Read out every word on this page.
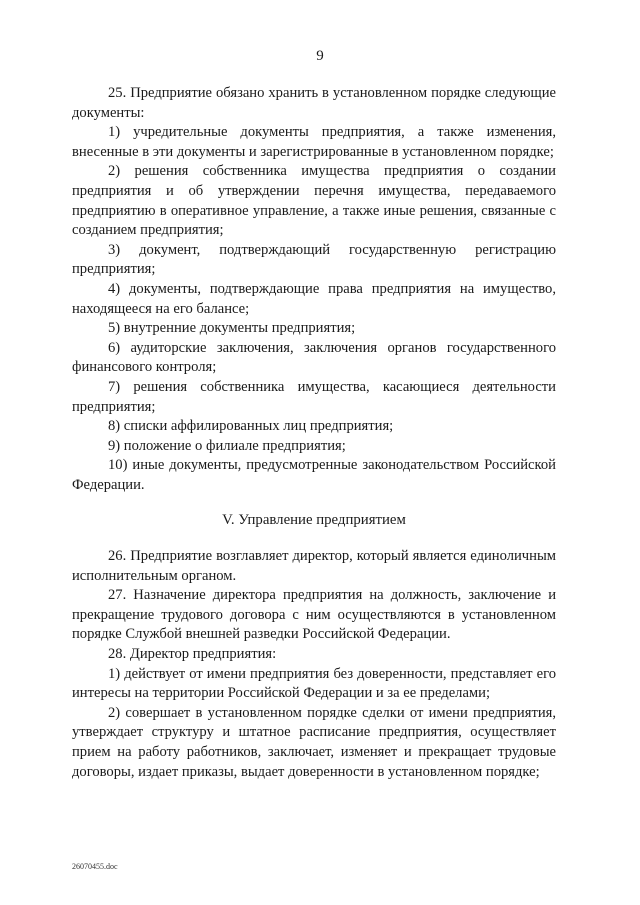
9

25. Предприятие обязано хранить в установленном порядке следующие документы:

1) учредительные документы предприятия, а также изменения, внесенные в эти документы и зарегистрированные в установленном порядке;

2) решения собственника имущества предприятия о создании предприятия и об утверждении перечня имущества, передаваемого предприятию в оперативное управление, а также иные решения, связанные с созданием предприятия;

3) документ, подтверждающий государственную регистрацию предприятия;

4) документы, подтверждающие права предприятия на имущество, находящееся на его балансе;

5) внутренние документы предприятия;

6) аудиторские заключения, заключения органов государственного финансового контроля;

7) решения собственника имущества, касающиеся деятельности предприятия;

8) списки аффилированных лиц предприятия;

9) положение о филиале предприятия;

10) иные документы, предусмотренные законодательством Российской Федерации.

V. Управление предприятием

26. Предприятие возглавляет директор, который является единоличным исполнительным органом.

27. Назначение директора предприятия на должность, заключение и прекращение трудового договора с ним осуществляются в установленном порядке Службой внешней разведки Российской Федерации.

28. Директор предприятия:

1) действует от имени предприятия без доверенности, представляет его интересы на территории Российской Федерации и за ее пределами;

2) совершает в установленном порядке сделки от имени предприятия, утверждает структуру и штатное расписание предприятия, осуществляет прием на работу работников, заключает, изменяет и прекращает трудовые договоры, издает приказы, выдает доверенности в установленном порядке;

26070455.doc
